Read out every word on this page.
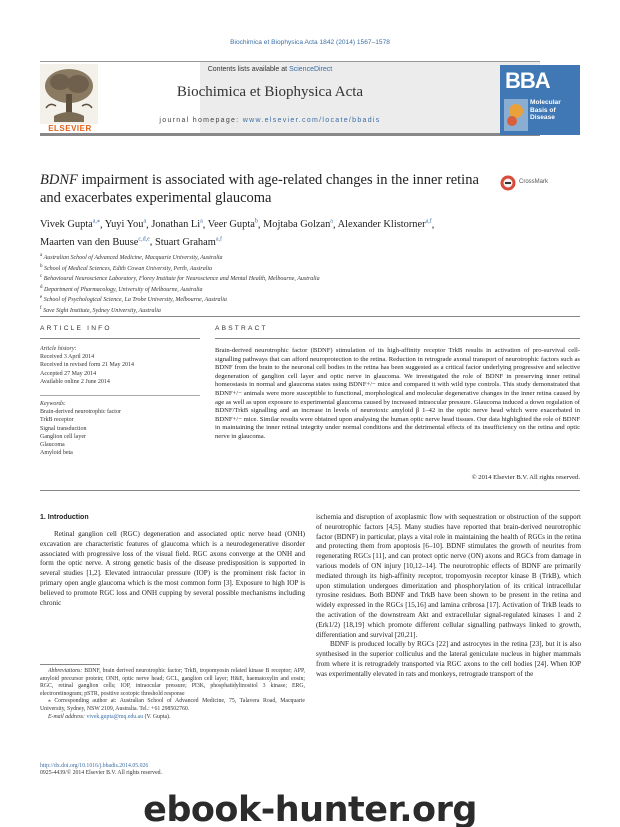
Biochimica et Biophysica Acta 1842 (2014) 1567–1578
Contents lists available at ScienceDirect
Biochimica et Biophysica Acta
journal homepage: www.elsevier.com/locate/bbadis
ELSEVIER
BBA
Molecular
Basis of
Disease
BDNF impairment is associated with age-related changes in the inner retina and exacerbates experimental glaucoma
CrossMark
Vivek Gupta$^{a,⁎}$, Yuyi You$^a$, Jonathan Li$^a$, Veer Gupta$^b$, Mojtaba Golzan$^a$, Alexander Klistorner$^{a,f}$,
Maarten van den Buuse$^{c,d,e}$, Stuart Graham$^{a,f}$
$^a$ Australian School of Advanced Medicine, Macquarie University, Australia
$^b$ School of Medical Sciences, Edith Cowan University, Perth, Australia
$^c$ Behavioural Neuroscience Laboratory, Florey Institute for Neuroscience and Mental Health, Melbourne, Australia
$^d$ Department of Pharmacology, University of Melbourne, Australia
$^e$ School of Psychological Science, La Trobe University, Melbourne, Australia
$^f$ Save Sight Institute, Sydney University, Australia
ARTICLE INFO	ABSTRACT
Article history:
Received 3 April 2014
Received in revised form 21 May 2014
Accepted 27 May 2014
Available online 2 June 2014
Keywords:
Brain-derived neurotrophic factor
TrkB receptor
Signal transduction
Ganglion cell layer
Glaucoma
Amyloid beta
Brain-derived neurotrophic factor (BDNF) stimulation of its high-affinity receptor TrkB results in activation of pro-survival cell-signalling pathways that can afford neuroprotection to the retina. Reduction in retrograde axonal transport of neurotrophic factors such as BDNF from the brain to the neuronal cell bodies in the retina has been suggested as a critical factor underlying progressive and selective degeneration of ganglion cell layer and optic nerve in glaucoma. We investigated the role of BDNF in preserving inner retinal homeostasis in normal and glaucoma states using BDNF+/− mice and compared it with wild type controls. This study demonstrated that BDNF+/− animals were more susceptible to functional, morphological and molecular degenerative changes in the inner retina caused by age as well as upon exposure to experimental glaucoma caused by increased intraocular pressure. Glaucoma induced a down regulation of BDNF/TrkB signalling and an increase in levels of neurotoxic amyloid β 1–42 in the optic nerve head which were exacerbated in BDNF+/− mice. Similar results were obtained upon analysing the human optic nerve head tissues. Our data highlighted the role of BDNF in maintaining the inner retinal integrity under normal conditions and the detrimental effects of its insufficiency on the retina and optic nerve in glaucoma.
© 2014 Elsevier B.V. All rights reserved.
1. Introduction
Retinal ganglion cell (RGC) degeneration and associated optic nerve head (ONH) excavation are characteristic features of glaucoma which is a neurodegenerative disorder associated with progressive loss of the visual field. RGC axons converge at the ONH and form the optic nerve. A strong genetic basis of the disease predisposition is supported in several studies [1,2]. Elevated intraocular pressure (IOP) is the prominent risk factor in primary open angle glaucoma which is the most common form [3]. Exposure to high IOP is believed to promote RGC loss and ONH cupping by several possible mechanisms including chronic

ischemia and disruption of axoplasmic flow with sequestration or obstruction of the support of neurotrophic factors [4,5]. Many studies have reported that brain-derived neurotrophic factor (BDNF) in particular, plays a vital role in maintaining the health of RGCs in the retina and protecting them from apoptosis [6–10]. BDNF stimulates the growth of neurites from regenerating RGCs [11], and can protect optic nerve (ON) axons and RGCs from damage in various models of ON injury [10,12–14]. The neurotrophic effects of BDNF are primarily mediated through its high-affinity receptor, tropomyosin receptor kinase B (TrkB), which upon stimulation undergoes dimerization and phosphorylation of its critical intracellular tyrosine residues. Both BDNF and TrkB have been shown to be present in the retina and widely expressed in the RGCs [15,16] and lamina cribrosa [17]. Activation of TrkB leads to the activation of the downstream Akt and extracellular signal-regulated kinases 1 and 2 (Erk1/2) [18,19] which promote different cellular signalling pathways linked to growth, differentiation and survival [20,21].

BDNF is produced locally by RGCs [22] and astrocytes in the retina [23], but it is also synthesised in the superior colliculus and the lateral geniculate nucleus in higher mammals from where it is retrogradely transported via RGC axons to the cell bodies [24]. When IOP was experimentally elevated in rats and monkeys, retrograde transport of the

Abbreviations: BDNF, brain derived neurotrophic factor; TrkB, tropomyosin related kinase B receptor; APP, amyloid precursor protein; ONH, optic nerve head; GCL, ganglion cell layer; H&E, haematoxylin and eosin; RGC, retinal ganglion cells; IOP, intraocular pressure; PI3K, phosphatidylinositol 3 kinase; ERG, electroretinogram; pSTR, positive scotopic threshold response
⁎ Corresponding author at: Australian School of Advanced Medicine, 75, Talavera Road, Macquarie University, Sydney, NSW 2109, Australia. Tel.: +61 298502760.
E-mail address: vivek.gupta@mq.edu.au (V. Gupta).
http://dx.doi.org/10.1016/j.bbadis.2014.05.026
0925-4439/© 2014 Elsevier B.V. All rights reserved.
ebook-hunter.org
